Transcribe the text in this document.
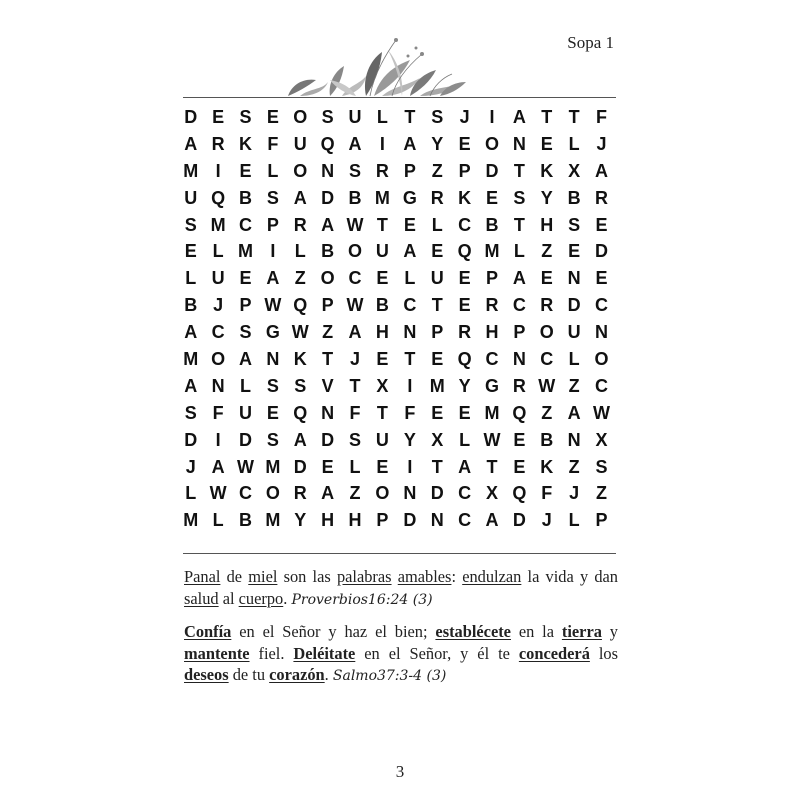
Sopa 1
D E S E O S U L T S J	I	A T T F
A R K F U Q A	I	A Y E O N E L J
M I	E L O N S R P Z P D T K X A
U Q B S A D B M G R K E S Y B R
S M C P R A W T E L C B T H S E
E L M I	L B O U A E Q M L Z E D
L U E A Z O C E L U E P A E N E
B J P W Q P W B C T E R C R D C
A C S G W Z A H N P R H P O U N
M O A N K T J E T E Q C N C L O
A N L S S V T X	I M Y G R W Z C
S F U E Q N F T F E E M Q Z A W
D	I	D S A D S U Y X L W E B N X
J A W M D E L E	I	T A T E K Z S
L W C O R A Z O N D C X Q F J Z
M L B M Y H H P D N C A D J L P
Panal de miel son las palabras amables: endulzan la vida y dan salud al cuerpo. Proverbios16:24 (3)
Confía en el Señor y haz el bien; establécete en la tierra y mantente fiel. Deléitate en el Señor, y él te concederá los deseos de tu corazón. Salmo37:3-4 (3)
3
